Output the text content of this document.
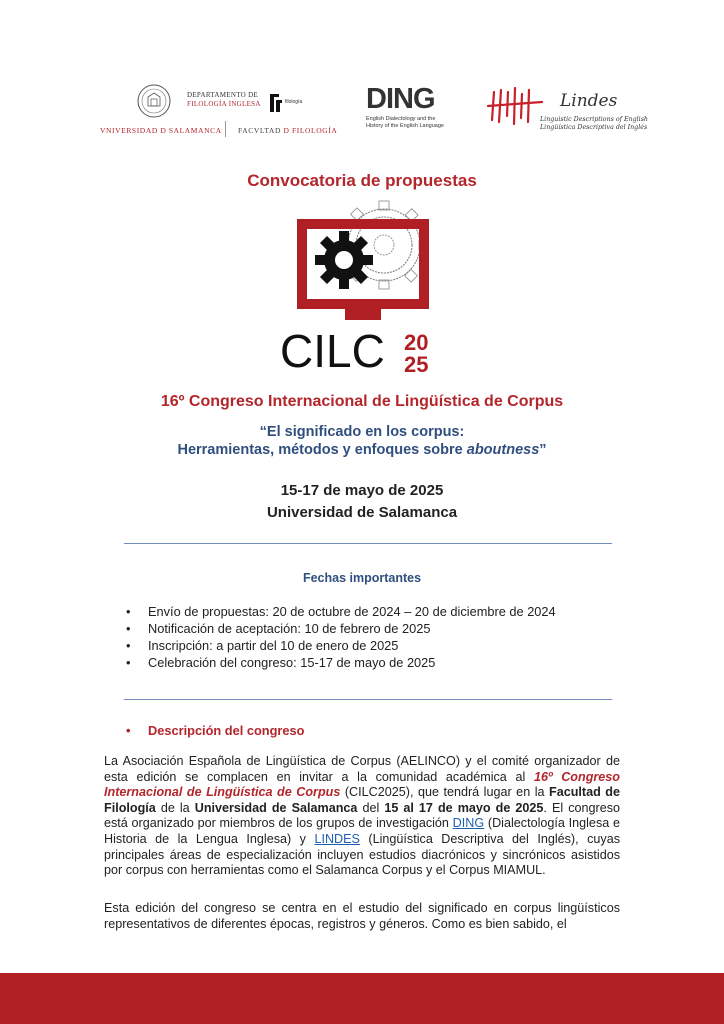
DEPARTAMENTO DE
FILOLOGÍA INGLESA	filología
VNIVERSIDAD D SALAMANCA FACVLTAD D FILOLOGÍA
DING
English Dialectology and the
History of the English Language
Lindes
Linguistic Descriptions of English
Lingüística Descriptiva del Inglés
Convocatoria de propuestas
CILC 20
25
16º Congreso Internacional de Lingüística de Corpus
“El significado en los corpus:
Herramientas, métodos y enfoques sobre aboutness”
15-17 de mayo de 2025
Universidad de Salamanca
Fechas importantes
• Envío de propuestas: 20 de octubre de 2024 – 20 de diciembre de 2024
• Notificación de aceptación: 10 de febrero de 2025
• Inscripción: a partir del 10 de enero de 2025
• Celebración del congreso: 15-17 de mayo de 2025
• Descripción del congreso
La Asociación Española de Lingüística de Corpus (AELINCO) y el comité organizador de esta edición se complacen en invitar a la comunidad académica al 16º Congreso Internacional de Lingüística de Corpus (CILC2025), que tendrá lugar en la Facultad de Filología de la Universidad de Salamanca del 15 al 17 de mayo de 2025. El congreso está organizado por miembros de los grupos de investigación DING (Dialectología Inglesa e Historia de la Lengua Inglesa) y LINDES (Lingüística Descriptiva del Inglés), cuyas principales áreas de especialización incluyen estudios diacrónicos y sincrónicos asistidos por corpus con herramientas como el Salamanca Corpus y el Corpus MIAMUL.
Esta edición del congreso se centra en el estudio del significado en corpus lingüísticos representativos de diferentes épocas, registros y géneros. Como es bien sabido, el
